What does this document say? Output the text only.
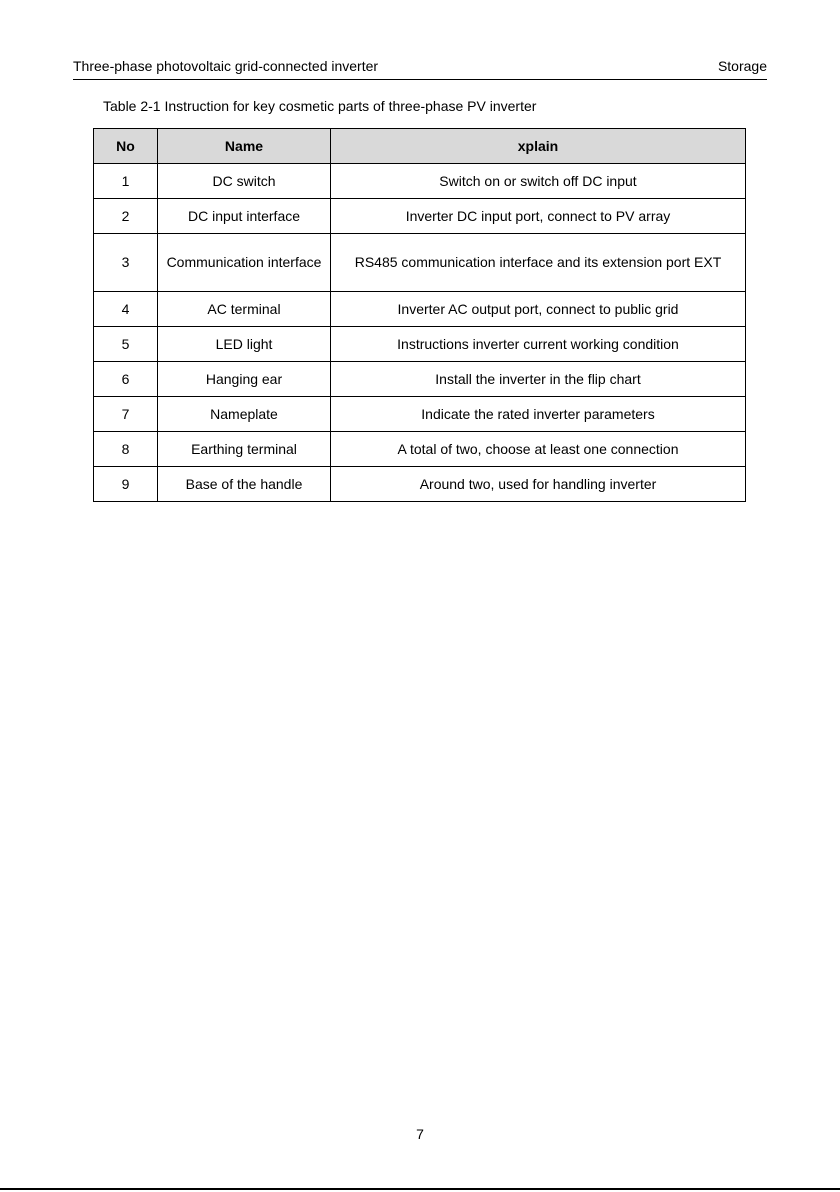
Three-phase photovoltaic grid-connected inverter	Storage
Table 2-1 Instruction for key cosmetic parts of three-phase PV inverter
No	Name	xplain
1	DC switch	Switch on or switch off DC input
2	DC input interface	Inverter DC input port, connect to PV array
3	Communication interface	RS485 communication interface and its extension port EXT
4	AC terminal	Inverter AC output port, connect to public grid
5	LED light	Instructions inverter current working condition
6	Hanging ear	Install the inverter in the flip chart
7	Nameplate	Indicate the rated inverter parameters
8	Earthing terminal	A total of two, choose at least one connection
9	Base of the handle	Around two, used for handling inverter
7
